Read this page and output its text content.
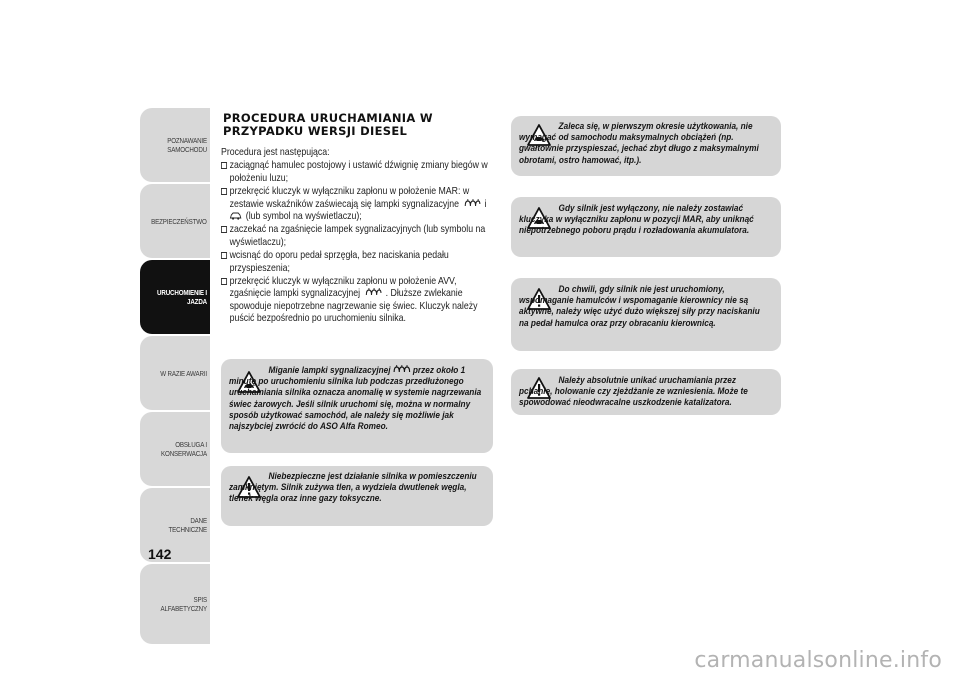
POZNAWANIE SAMOCHODU
BEZPIECZEŃSTWO
URUCHOMIENIE I JAZDA
W RAZIE AWARII
OBSŁUGA I KONSERWACJA
DANE TECHNICZNE
SPIS ALFABETYCZNY
142
PROCEDURA URUCHAMIANIA W
PRZYPADKU WERSJI DIESEL
Procedura jest następująca:
zaciągnąć hamulec postojowy i ustawić dźwignię zmiany biegów w położeniu luzu;
przekręcić kluczyk w wyłączniku zapłonu w położenie MAR: w zestawie wskaźników zaświecają się lampki sygnalizacyjne	i
(lub symbol na wyświetlaczu);
zaczekać na zgaśnięcie lampek sygnalizacyjnych (lub symbolu na wyświetlaczu);
wcisnąć do oporu pedał sprzęgła, bez naciskania pedału przyspieszenia;
przekręcić kluczyk w wyłączniku zapłonu w położenie AVV, zgaśnięcie lampki sygnalizacyjnej	. Dłuższe zwlekanie spowoduje niepotrzebne nagrzewanie się świec. Kluczyk należy puścić bezpośrednio po uruchomieniu silnika.
Miganie lampki sygnalizacyjnej przez około 1 minutę po uruchomieniu silnika lub podczas przedłużonego uruchamiania silnika oznacza anomalię w systemie nagrzewania świec żarowych. Jeśli silnik uruchomi się, można w normalny sposób użytkować samochód, ale należy się możliwie jak najszybciej zwrócić do ASO Alfa Romeo.
Niebezpieczne jest działanie silnika w pomieszczeniu zamkniętym. Silnik zużywa tlen, a wydziela dwutlenek węgla, tlenek węgla oraz inne gazy toksyczne.
Zaleca się, w pierwszym okresie użytkowania, nie wymagać od samochodu maksymalnych obciążeń (np. gwałtownie przyspieszać, jechać zbyt długo z maksymalnymi obrotami, ostro hamować, itp.).
Gdy silnik jest wyłączony, nie należy zostawiać kluczyka w wyłączniku zapłonu w pozycji MAR, aby uniknąć niepotrzebnego poboru prądu i rozładowania akumulatora.
Do chwili, gdy silnik nie jest uruchomiony, wspomaganie hamulców i wspomaganie kierownicy nie są aktywne, należy więc użyć dużo większej siły przy naciskaniu na pedał hamulca oraz przy obracaniu kierownicą.
Należy absolutnie unikać uruchamiania przez pchanie, holowanie czy zjeżdżanie ze wzniesienia. Może te spowodować nieodwracalne uszkodzenie katalizatora.
carmanualsonline.info
